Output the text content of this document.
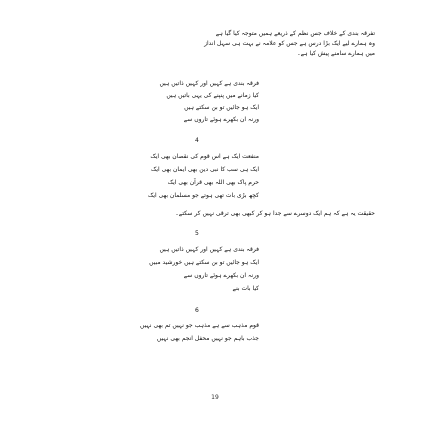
تفرقہ بندی کے خلاف جس نظم کے ذریعے ہمیں متوجہ کیا گیا ہے
وہ ہمارے لیے ایک بڑا درس ہے جس کو علامہ نے بہت ہی سہل انداز
میں ہمارے سامنے پیش کیا ہے۔
فرقہ بندی ہے کہیں اور کہیں ذاتیں ہیں
کیا زمانے میں پنپنے کی یہی باتیں ہیں
ایک ہو جائیں تو بن سکتے ہیں
ورنہ ان بکھرے ہوئے تاروں سے
4
منفعت ایک ہے اس قوم کی نقصان بھی ایک
ایک ہی سب کا نبی دین بھی ایمان بھی ایک
حرم پاک بھی اللہ بھی قرآن بھی ایک
کچھ بڑی بات تھی ہوتے جو مسلمان بھی ایک
حقیقت یہ ہے کہ ہم ایک دوسرے سے جدا ہو کر کبھی بھی ترقی نہیں کر سکتے۔
5
فرقہ بندی ہے کہیں اور کہیں ذاتیں ہیں
ایک ہو جائیں تو بن سکتے ہیں خورشید مبیں
ورنہ ان بکھرے ہوئے تاروں سے
کیا بات بنے
6
قوم مذہب سے ہے مذہب جو نہیں تم بھی نہیں
جذب باہم جو نہیں محفل انجم بھی نہیں
19
